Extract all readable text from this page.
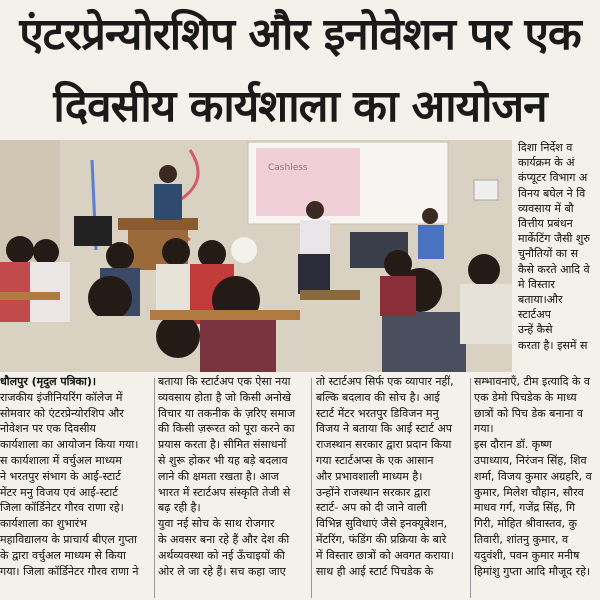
एंटरप्रेन्योरशिप और इनोवेशन पर एक
दिवसीय कार्यशाला का आयोजन
Cashless
दिशा निर्देश व
कार्यक्रम के अं
कंप्यूटर विभाग अ
विनय बघेल ने वि
व्यवसाय में बौ
वित्तीय प्रबंधन
मार्केटिंग जैसी शुरु
चुनौतियों का स
कैसे करते आदि वे
मे विस्तार
बताया।और
स्टार्टअप
उन्हें कैसे
करता है। इसमें स
धौलपुर (मृदुल पत्रिका)।
राजकीय इंजीनियरिंग कॉलेज में
सोमवार को एंटरप्रेन्योरशिप और
नोवेशन पर एक दिवसीय
कार्यशाला का आयोजन किया गया।
स कार्यशाला में वर्चुअल माध्यम
ने भरतपुर संभाग के आई-स्टार्ट
मेंटर मनु विजय एवं आई-स्टार्ट
जिला कॉर्डिनेटर गौरव राणा रहे।
कार्यशाला का शुभारंभ
महाविद्यालय के प्राचार्य बीएल गुप्ता
के द्वारा वर्चुअल माध्यम से किया
गया। जिला कॉर्डिनेटर गौरव राणा ने
बताया कि स्टार्टअप एक ऐसा नया
व्यवसाय होता है जो किसी अनोखे
विचार या तकनीक के ज़रिए समाज
की किसी ज़रूरत को पूरा करने का
प्रयास करता है। सीमित संसाधनों
से शुरू होकर भी यह बड़े बदलाव
लाने की क्षमता रखता है। आज
भारत में स्टार्टअप संस्कृति तेजी से
बढ़ रही है।
युवा नई सोच के साथ रोजगार
के अवसर बना रहे हैं और देश की
अर्थव्यवस्था को नई ऊँचाइयों की
ओर ले जा रहे हैं। सच कहा जाए
तो स्टार्टअप सिर्फ एक व्यापार नहीं,
बल्कि बदलाव की सोच है। आई
स्टार्ट मेंटर भरतपुर डिविजन मनु
विजय ने बताया कि आई स्टार्ट अप
राजस्थान सरकार द्वारा प्रदान किया
गया स्टार्टअप्स के एक आसान
और प्रभावशाली माध्यम है।
उन्होंने राजस्थान सरकार द्वारा
स्टार्ट- अप को दी जाने वाली
विभिन्न सुविधाएं जैसे इनक्यूबेशन,
मेंटरिंग, फंडिंग की प्रक्रिया के बारे
में विस्तार छात्रों को अवगत कराया।
साथ ही आई स्टार्ट पिचडेक के
सम्भावनाएँ, टीम इत्यादि के व
एक डेमो पिचडेक के माध्य
छात्रों को पिच डेक बनाना व
गया।
इस दौरान डॉ. कृष्ण
उपाध्याय, निरंजन सिंह, शिव
शर्मा, विजय कुमार अग्रहरि, व
कुमार, मिलेश चौहान, सौरव
माधव गर्ग, गजेंद्र सिंह, गि
गिरी, मोहित श्रीवास्तव, कु
तिवारी, शांतनु कुमार, व
यदुवंशी, पवन कुमार मनीष
हिमांशु गुप्ता आदि मौजूद रहे।
